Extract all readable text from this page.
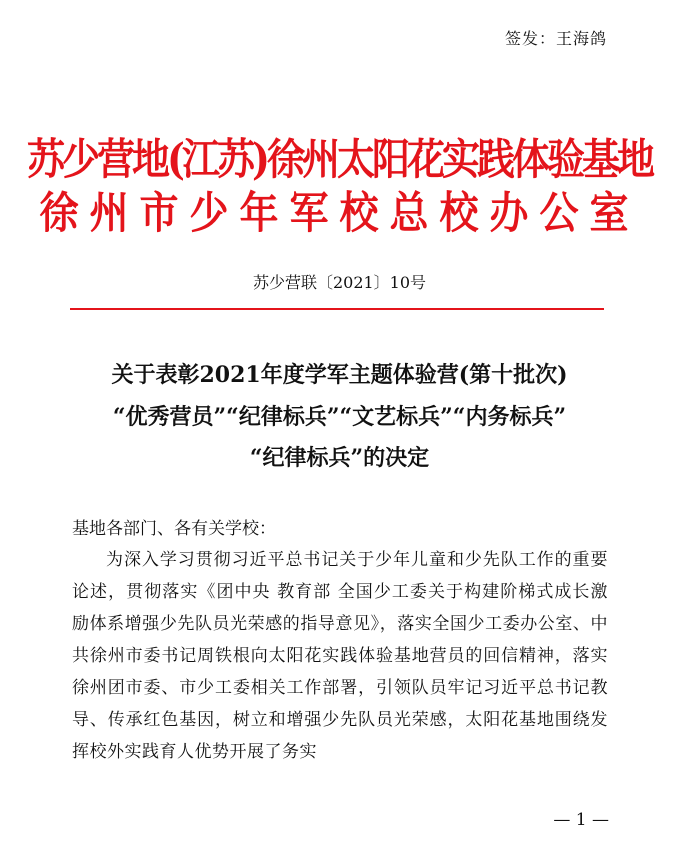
签发：王海鸽
苏少营地(江苏)徐州太阳花实践体验基地
徐州市少年军校总校办公室
苏少营联〔2021〕10号
关于表彰2021年度学军主题体验营(第十批次)
“优秀营员”“纪律标兵”“文艺标兵”“内务标兵”
“纪律标兵”的决定
基地各部门、各有关学校：

为深入学习贯彻习近平总书记关于少年儿童和少先队工作的重要论述，贯彻落实《团中央 教育部 全国少工委关于构建阶梯式成长激励体系增强少先队员光荣感的指导意见》，落实全国少工委办公室、中共徐州市委书记周铁根向太阳花实践体验基地营员的回信精神，落实徐州团市委、市少工委相关工作部署，引领队员牢记习近平总书记教导、传承红色基因，树立和增强少先队员光荣感，太阳花基地围绕发挥校外实践育人优势开展了务实

— 1 —
